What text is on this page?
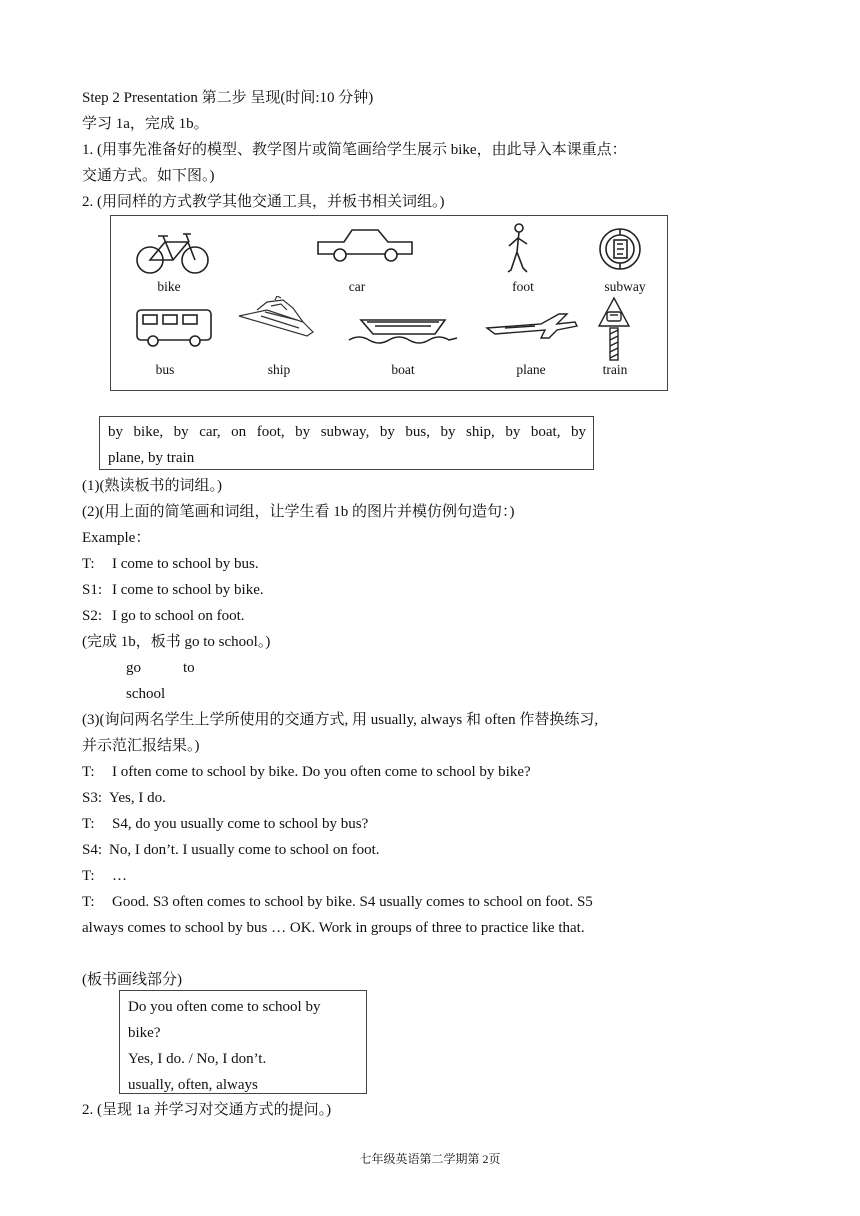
Step 2 Presentation 第二步 呈现(时间:10 分钟)
学习 1a，完成 1b。
1. (用事先准备好的模型、教学图片或简笔画给学生展示 bike，由此导入本课重点：
交通方式。如下图。)
2. (用同样的方式教学其他交通工具，并板书相关词组。)
bike	car	foot	subway
bus	ship	boat	plane	train
by bike, by car, on foot, by subway, by bus, by ship, by boat, by
plane, by train
(1)(熟读板书的词组。)
(2)(用上面的简笔画和词组，让学生看 1b 的图片并模仿例句造句：)
Example：
T: I come to school by bus.
S1: I come to school by bike.
S2: I go to school on foot.
(完成 1b，板书 go to school。)
go	to
school
(3)(询问两名学生上学所使用的交通方式, 用 usually, always 和 often 作替换练习,
并示范汇报结果。)
T: I often come to school by bike. Do you often come to school by bike?
S3: Yes, I do.
T: S4, do you usually come to school by bus?
S4: No, I don’t. I usually come to school on foot.
T: …
T: Good. S3 often comes to school by bike. S4 usually comes to school on foot. S5
always comes to school by bus … OK. Work in groups of three to practice like that.
(板书画线部分)
Do you often come to school by
bike?
Yes, I do. / No, I don’t.
usually, often, always
2. (呈现 1a 并学习对交通方式的提问。)
七年级英语第二学期第 2页
